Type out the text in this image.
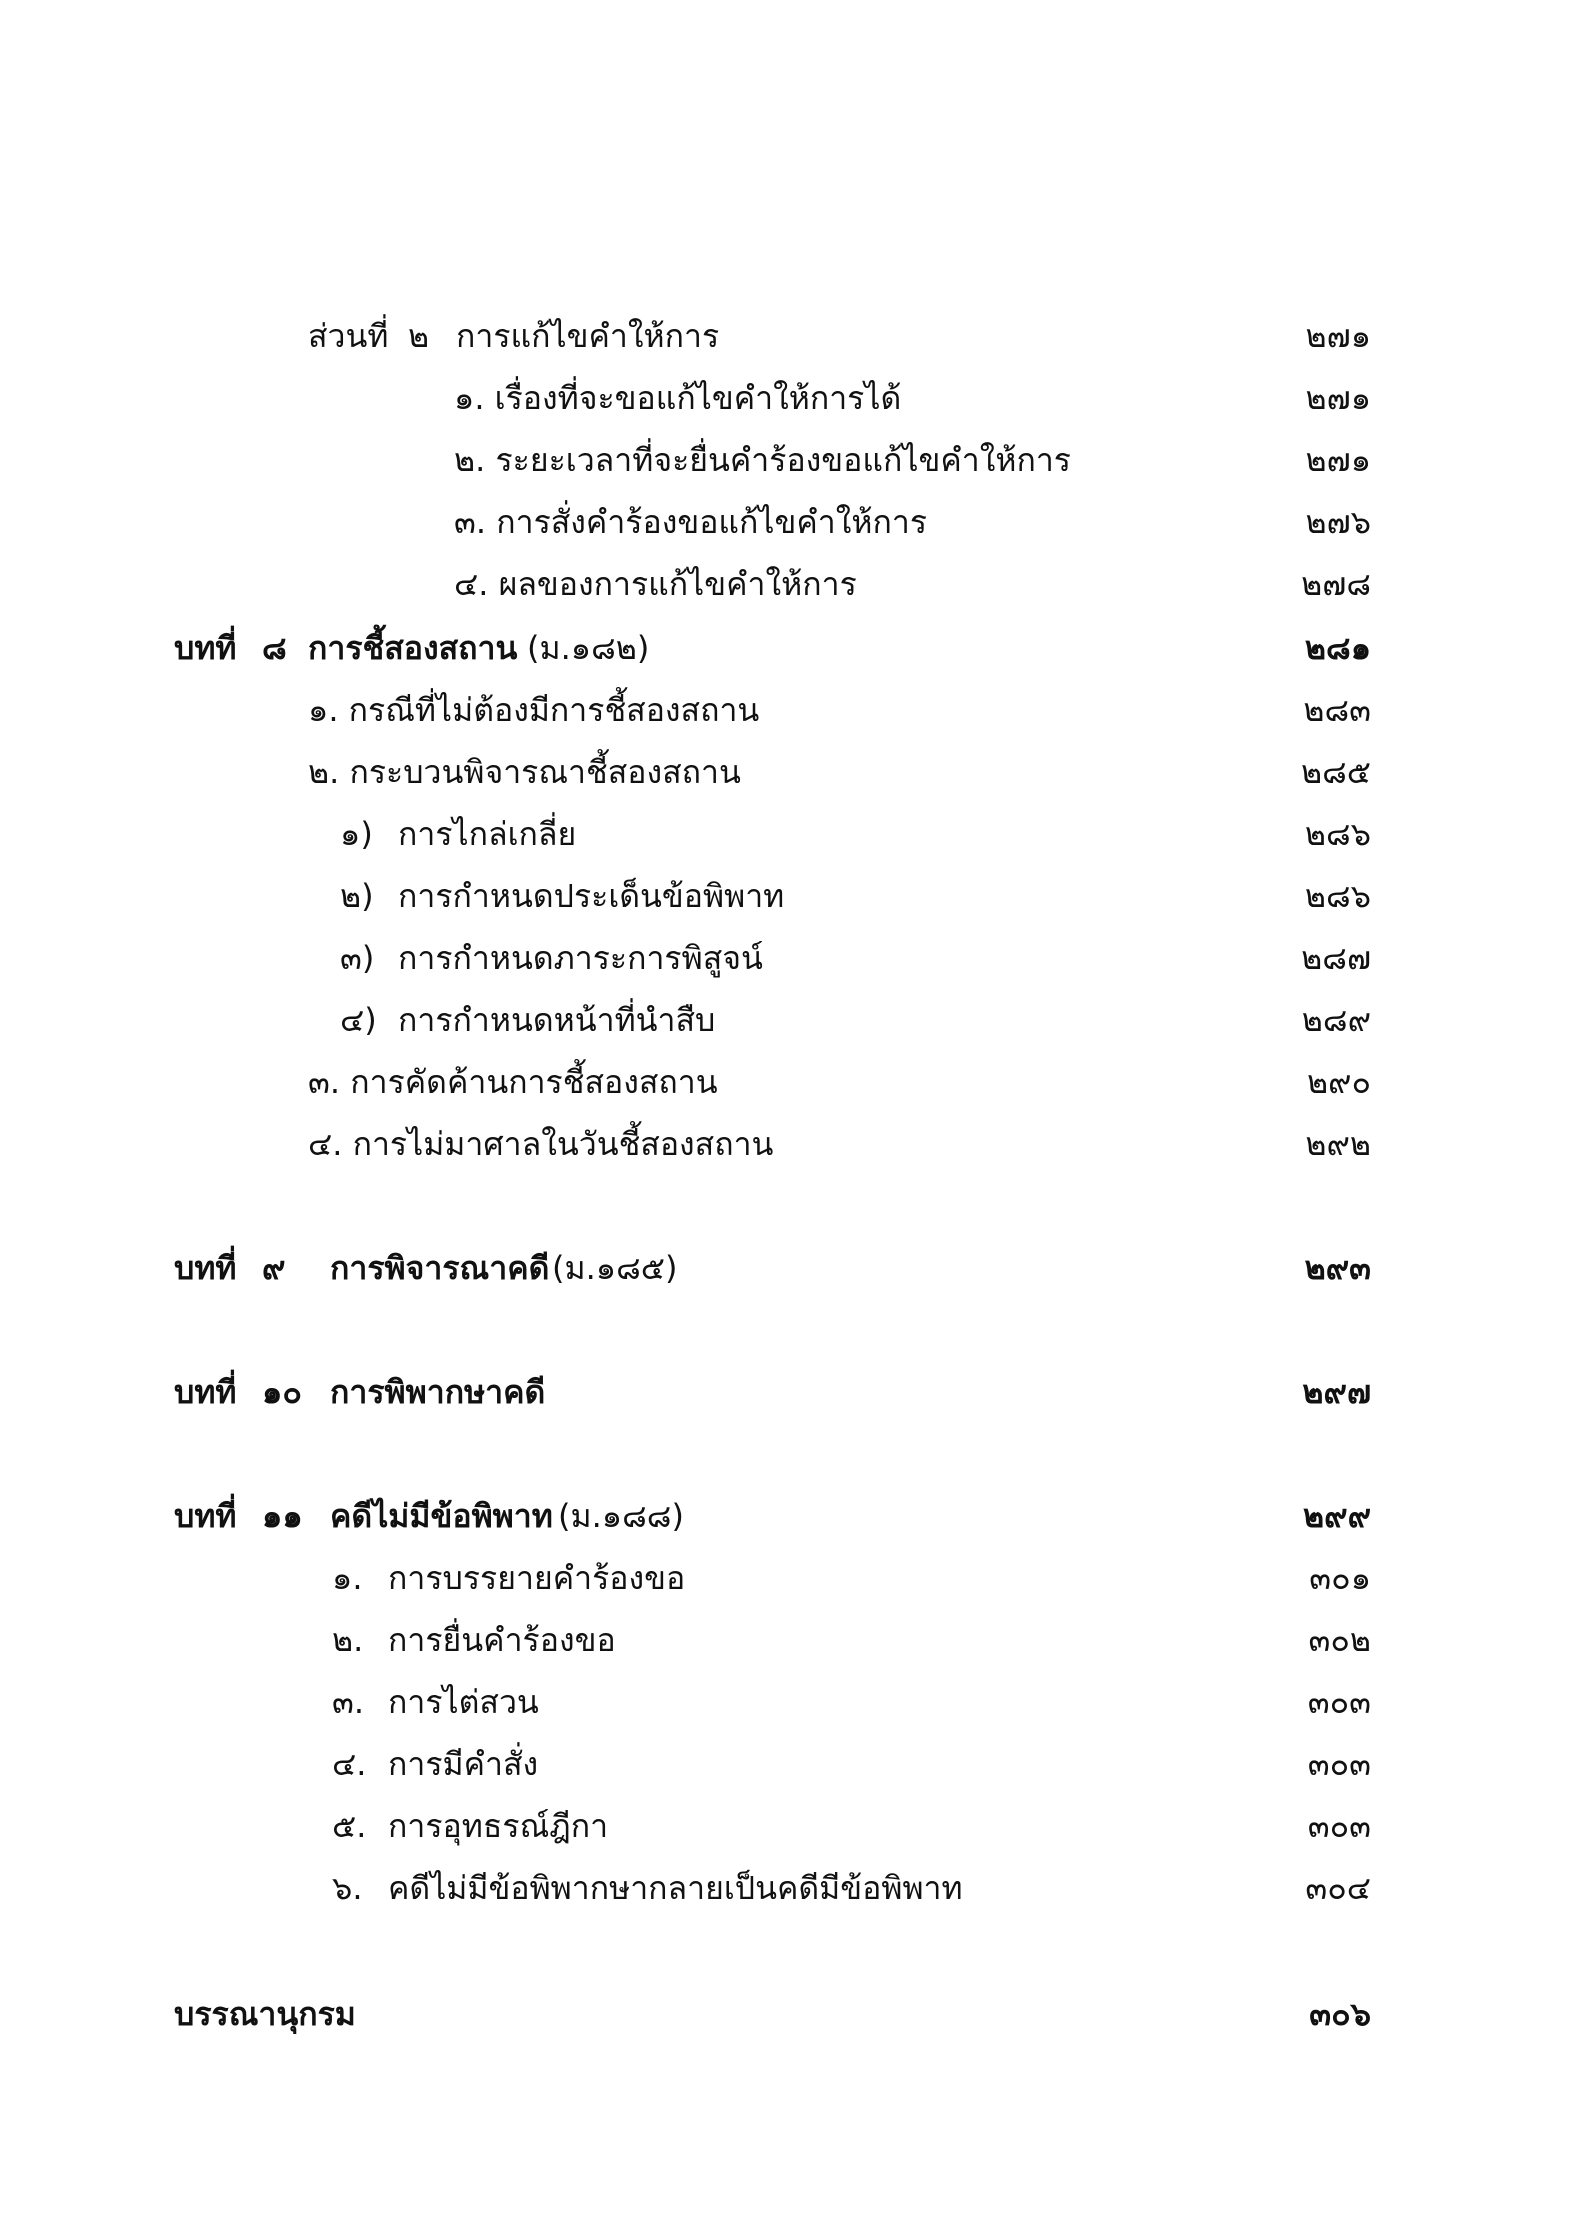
ส่วนที่ ๒ การแก้ไขคำให้การ	๒๗๑
๑. เรื่องที่จะขอแก้ไขคำให้การได้	๒๗๑
๒. ระยะเวลาที่จะยื่นคำร้องขอแก้ไขคำให้การ	๒๗๑
๓. การสั่งคำร้องขอแก้ไขคำให้การ	๒๗๖
๔. ผลของการแก้ไขคำให้การ	๒๗๘
บทที่ ๘ การชี้สองสถาน (ม.๑๘๒)	๒๘๑
๑. กรณีที่ไม่ต้องมีการชี้สองสถาน	๒๘๓
๒. กระบวนพิจารณาชี้สองสถาน	๒๘๕
๑) การไกล่เกลี่ย	๒๘๖
๒) การกำหนดประเด็นข้อพิพาท	๒๘๖
๓) การกำหนดภาระการพิสูจน์	๒๘๗
๔) การกำหนดหน้าที่นำสืบ	๒๘๙
๓. การคัดค้านการชี้สองสถาน	๒๙๐
๔. การไม่มาศาลในวันชี้สองสถาน	๒๙๒
บทที่ ๙ การพิจารณาคดี (ม.๑๘๕)	๒๙๓
บทที่ ๑๐ การพิพากษาคดี	๒๙๗
บทที่ ๑๑ คดีไม่มีข้อพิพาท (ม.๑๘๘)	๒๙๙
๑. การบรรยายคำร้องขอ	๓๐๑
๒. การยื่นคำร้องขอ	๓๐๒
๓. การไต่สวน	๓๐๓
๔. การมีคำสั่ง	๓๐๓
๕. การอุทธรณ์ฎีกา	๓๐๓
๖. คดีไม่มีข้อพิพากษากลายเป็นคดีมีข้อพิพาท	๓๐๔
บรรณานุกรม	๓๐๖
